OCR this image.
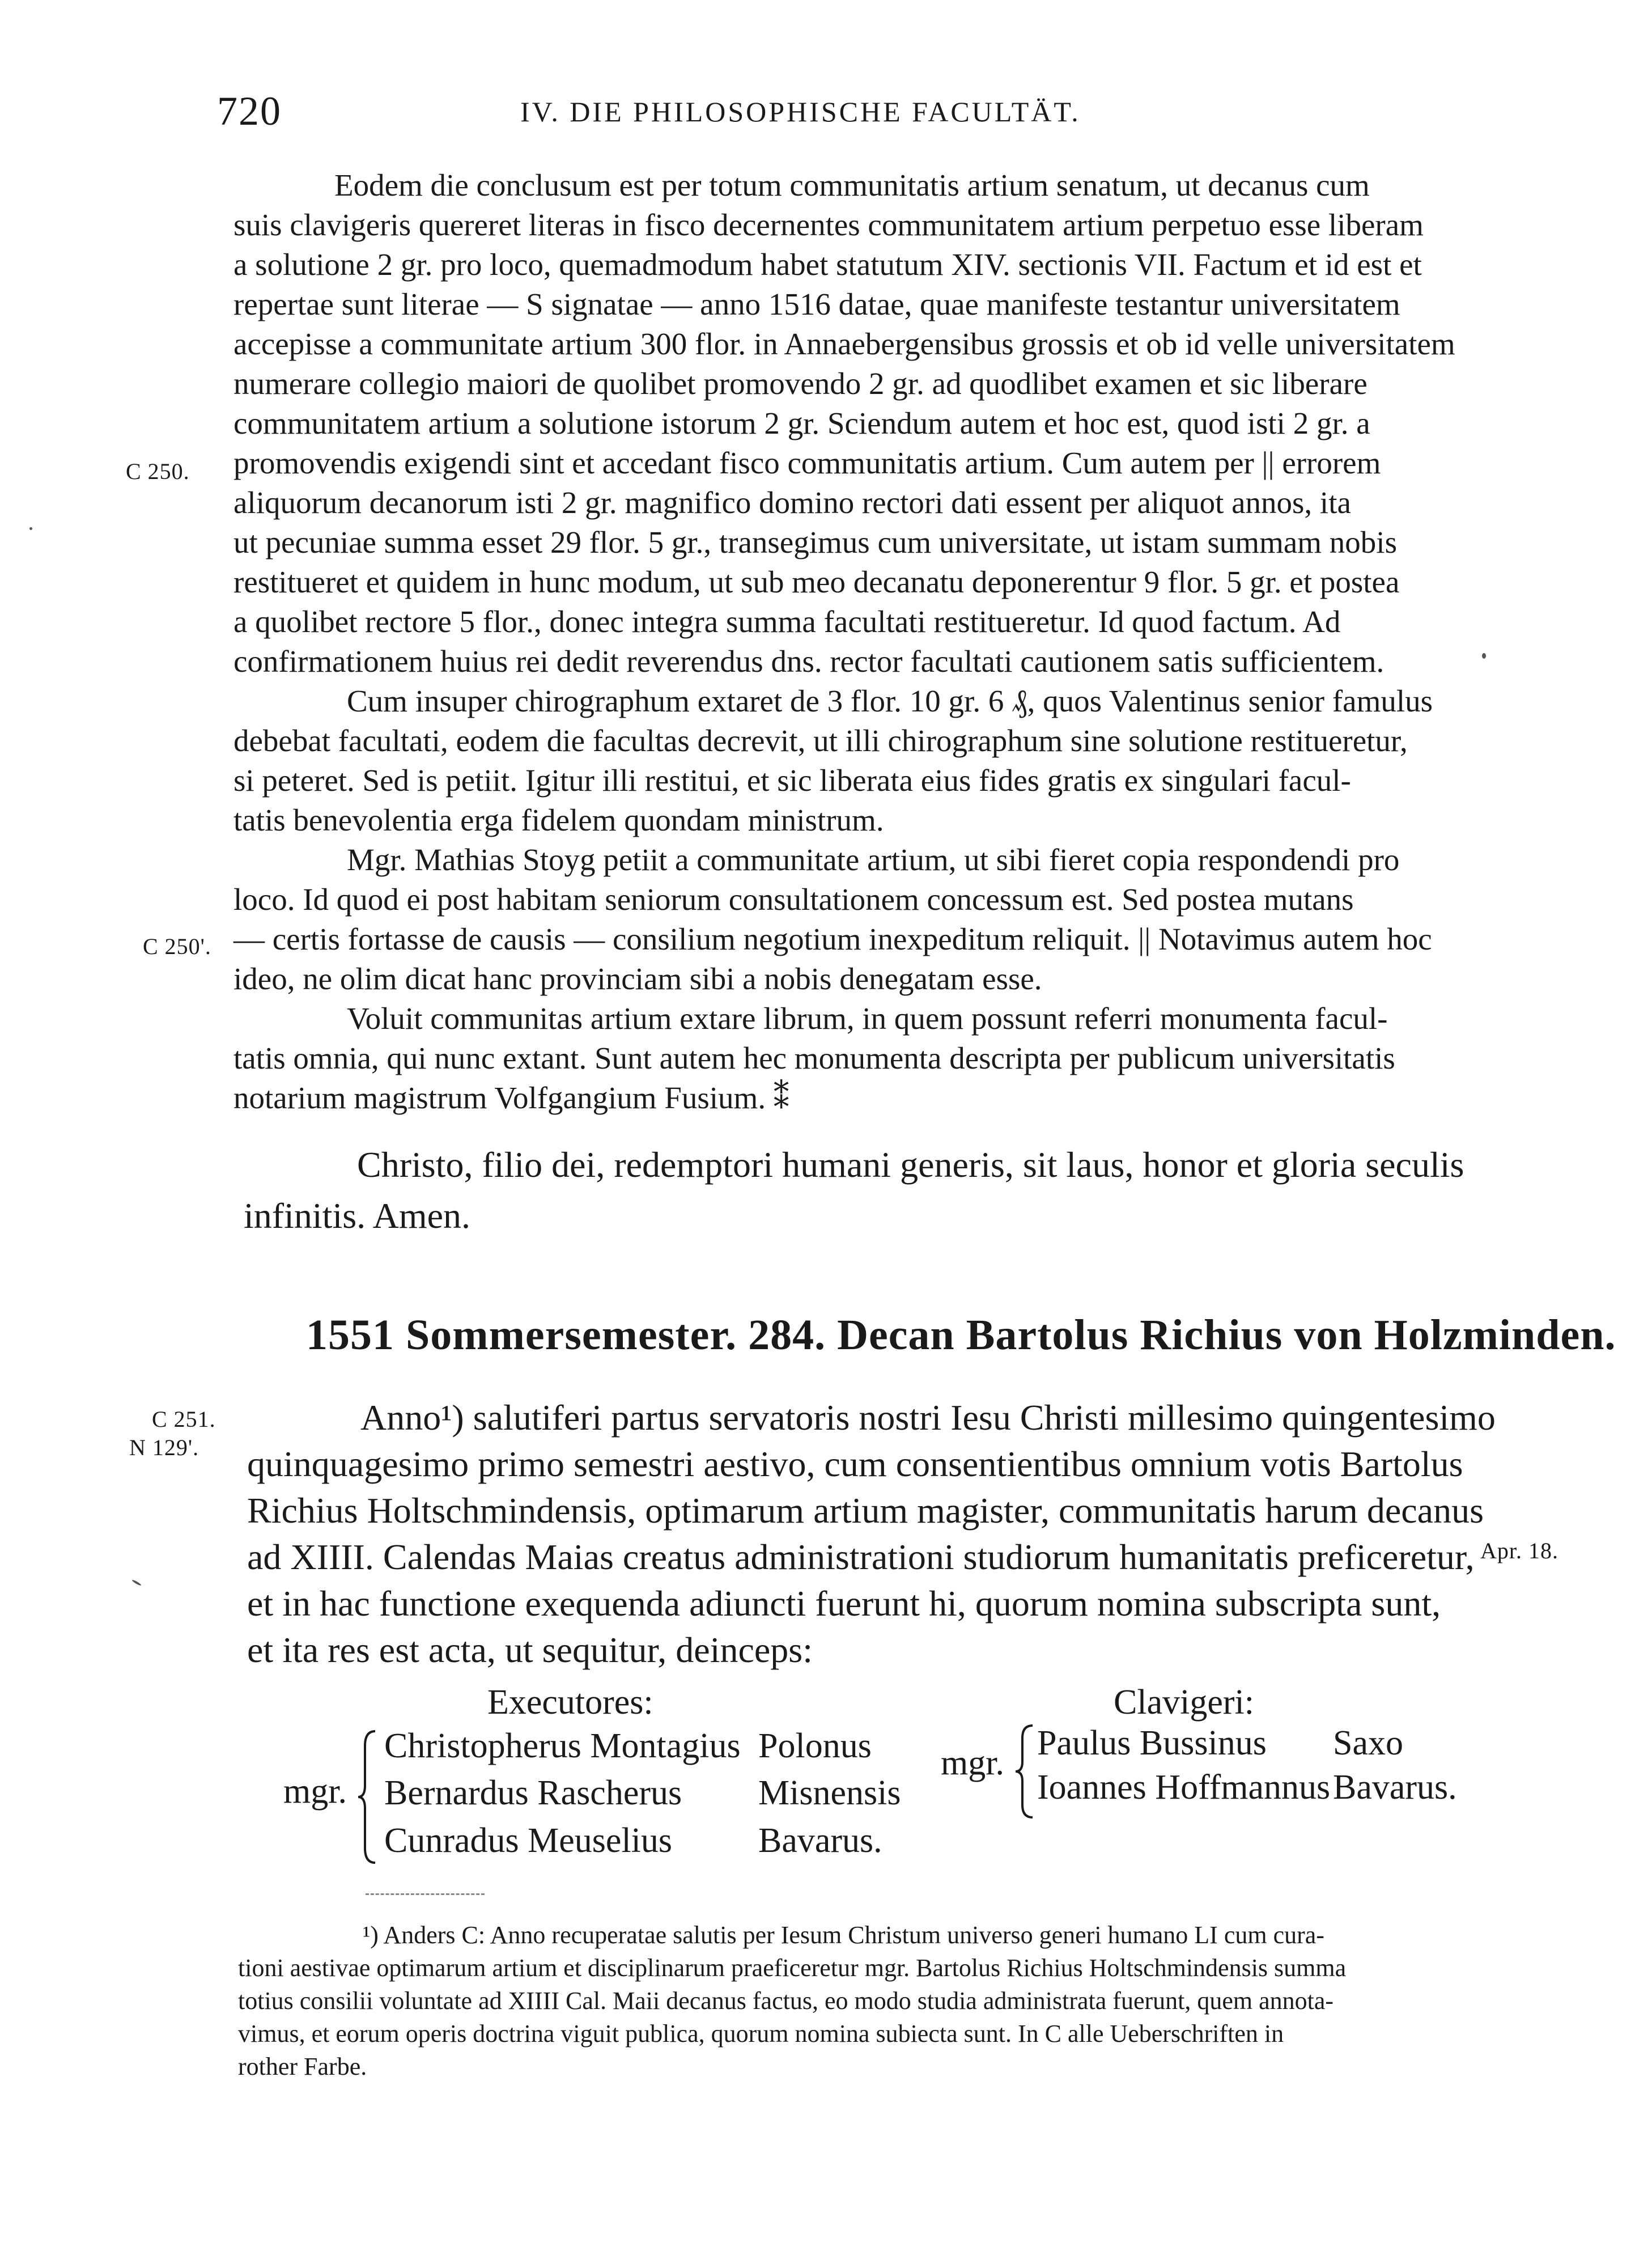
720	IV. DIE PHILOSOPHISCHE FACULTÄT.
Eodem die conclusum est per totum communitatis artium senatum, ut decanus cum
suis clavigeris quereret literas in fisco decernentes communitatem artium perpetuo esse liberam
a solutione 2 gr. pro loco, quemadmodum habet statutum XIV. sectionis VII. Factum et id est et
repertae sunt literae — S signatae — anno 1516 datae, quae manifeste testantur universitatem
accepisse a communitate artium 300 flor. in Annaebergensibus grossis et ob id velle universitatem
numerare collegio maiori de quolibet promovendo 2 gr. ad quodlibet examen et sic liberare
communitatem artium a solutione istorum 2 gr. Sciendum autem et hoc est, quod isti 2 gr. a
promovendis exigendi sint et accedant fisco communitatis artium. Cum autem per || errorem
aliquorum decanorum isti 2 gr. magnifico domino rectori dati essent per aliquot annos, ita
ut pecuniae summa esset 29 flor. 5 gr., transegimus cum universitate, ut istam summam nobis
restitueret et quidem in hunc modum, ut sub meo decanatu deponerentur 9 flor. 5 gr. et postea
a quolibet rectore 5 flor., donec integra summa facultati restitueretur. Id quod factum. Ad
confirmationem huius rei dedit reverendus dns. rector facultati cautionem satis sufficientem.
Cum insuper chirographum extaret de 3 flor. 10 gr. 6 ₰, quos Valentinus senior famulus
debebat facultati, eodem die facultas decrevit, ut illi chirographum sine solutione restitueretur,
si peteret. Sed is petiit. Igitur illi restitui, et sic liberata eius fides gratis ex singulari facul-
tatis benevolentia erga fidelem quondam ministrum.
Mgr. Mathias Stoyg petiit a communitate artium, ut sibi fieret copia respondendi pro
loco. Id quod ei post habitam seniorum consultationem concessum est. Sed postea mutans
— certis fortasse de causis — consilium negotium inexpeditum reliquit. || Notavimus autem hoc
ideo, ne olim dicat hanc provinciam sibi a nobis denegatam esse.
Voluit communitas artium extare librum, in quem possunt referri monumenta facul-
tatis omnia, qui nunc extant. Sunt autem hec monumenta descripta per publicum universitatis
notarium magistrum Volfgangium Fusium. ⁑
C 250.
C 250'.
C 251.
N 129'.
Apr. 18.
Christo, filio dei, redemptori humani generis, sit laus, honor et gloria seculis
infinitis. Amen.
1551 Sommersemester. 284. Decan Bartolus Richius von Holzminden.
Anno¹) salutiferi partus servatoris nostri Iesu Christi millesimo quingentesimo
quinquagesimo primo semestri aestivo, cum consentientibus omnium votis Bartolus
Richius Holtschmindensis, optimarum artium magister, communitatis harum decanus
ad XIIII. Calendas Maias creatus administrationi studiorum humanitatis preficeretur,
et in hac functione exequenda adiuncti fuerunt hi, quorum nomina subscripta sunt,
et ita res est acta, ut sequitur, deinceps:
Executores:
mgr.
Christopherus Montagius Polonus
Bernardus Rascherus Misnensis
Cunradus Meuselius Bavarus.
Clavigeri:
mgr.
Paulus Bussinus Saxo
Ioannes Hoffmannus Bavarus.
¹) Anders C: Anno recuperatae salutis per Iesum Christum universo generi humano LI cum cura-
tioni aestivae optimarum artium et disciplinarum praeficeretur mgr. Bartolus Richius Holtschmindensis summa
totius consilii voluntate ad XIIII Cal. Maii decanus factus, eo modo studia administrata fuerunt, quem annota-
vimus, et eorum operis doctrina viguit publica, quorum nomina subiecta sunt. In C alle Ueberschriften in
rother Farbe.
